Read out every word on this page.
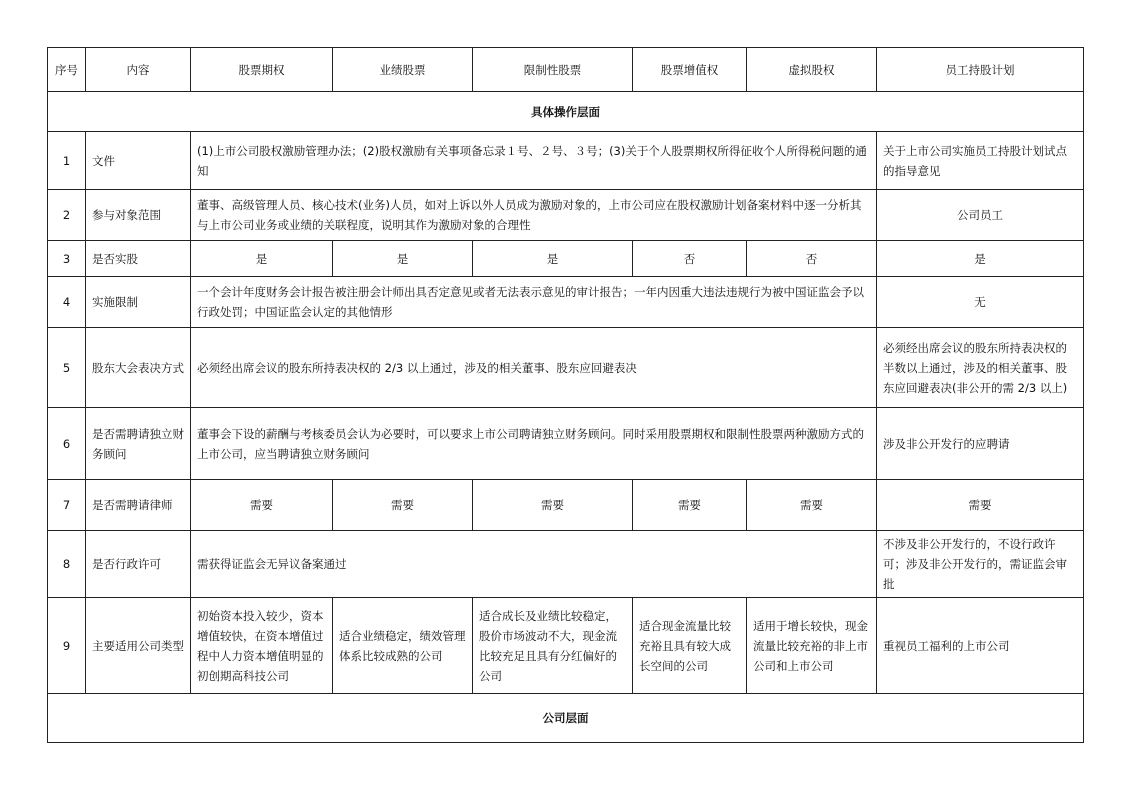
序号	内容	股票期权	业绩股票	限制性股票	股票增值权	虚拟股权	员工持股计划
具体操作层面							
1	文件	(1)上市公司股权激励管理办法；(2)股权激励有关事项备忘录１号、２号、３号；(3)关于个人股票期权所得征收个人所得税问题的通知					关于上市公司实施员工持股计划试点的指导意见
2	参与对象范围	董事、高级管理人员、核心技术(业务)人员，如对上诉以外人员成为激励对象的，上市公司应在股权激励计划备案材料中逐一分析其与上市公司业务或业绩的关联程度，说明其作为激励对象的合理性					公司员工
3	是否实股	是	是	是	否	否	是
4	实施限制	一个会计年度财务会计报告被注册会计师出具否定意见或者无法表示意见的审计报告；一年内因重大违法违规行为被中国证监会予以行政处罚；中国证监会认定的其他情形					无
5	股东大会表决方式	必须经出席会议的股东所持表决权的 2/3 以上通过，涉及的相关董事、股东应回避表决					必须经出席会议的股东所持表决权的半数以上通过，涉及的相关董事、股东应回避表决(非公开的需 2/3 以上)
6	是否需聘请独立财务顾问	董事会下设的薪酬与考核委员会认为必要时，可以要求上市公司聘请独立财务顾问。同时采用股票期权和限制性股票两种激励方式的上市公司，应当聘请独立财务顾问					涉及非公开发行的应聘请
7	是否需聘请律师	需要	需要	需要	需要	需要	需要
8	是否行政许可	需获得证监会无异议备案通过					不涉及非公开发行的，不设行政许可；涉及非公开发行的，需证监会审批
9	主要适用公司类型	初始资本投入较少，资本增值较快，在资本增值过程中人力资本增值明显的初创期高科技公司	适合业绩稳定，绩效管理体系比较成熟的公司	适合成长及业绩比较稳定，股价市场波动不大，现金流比较充足且具有分红偏好的公司	适合现金流量比较充裕且具有较大成长空间的公司	适用于增长较快，现金流量比较充裕的非上市公司和上市公司	重视员工福利的上市公司
公司层面							
